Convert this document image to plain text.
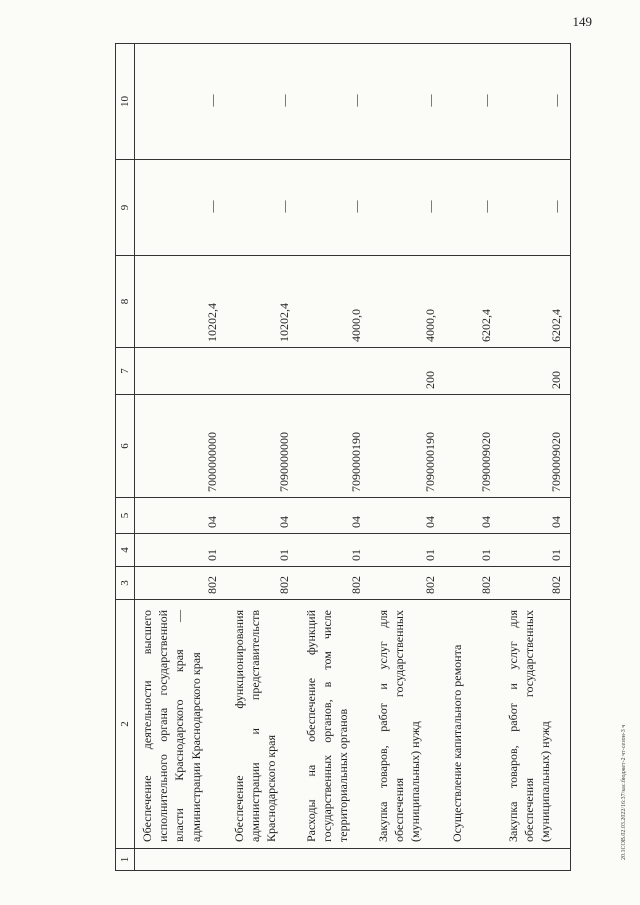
149
20.1СОВ.02.03.2022/16:37/кас.бюджет-2 чт-сезон-3 ч
1	2	3	4	5	6	7	8	9	10
	Обеспечение деятельности высшего исполнительного органа государственной власти Краснодарского края — администрации Краснодарского края	802	01	04	7000000000		10202,4	—	—
	Обеспечение функционирования администрации и представительств Краснодарского края	802	01	04	7090000000		10202,4	—	—
	Расходы на обеспечение функций государственных органов, в том числе территориальных органов	802	01	04	7090000190		4000,0	—	—
	Закупка товаров, работ и услуг для обеспечения государственных (муниципальных) нужд	802	01	04	7090000190	200	4000,0	—	—
	Осуществление капитального ремонта	802	01	04	7090009020		6202,4	—	—
	Закупка товаров, работ и услуг для обеспечения государственных (муниципальных) нужд	802	01	04	7090009020	200	6202,4	—	—
